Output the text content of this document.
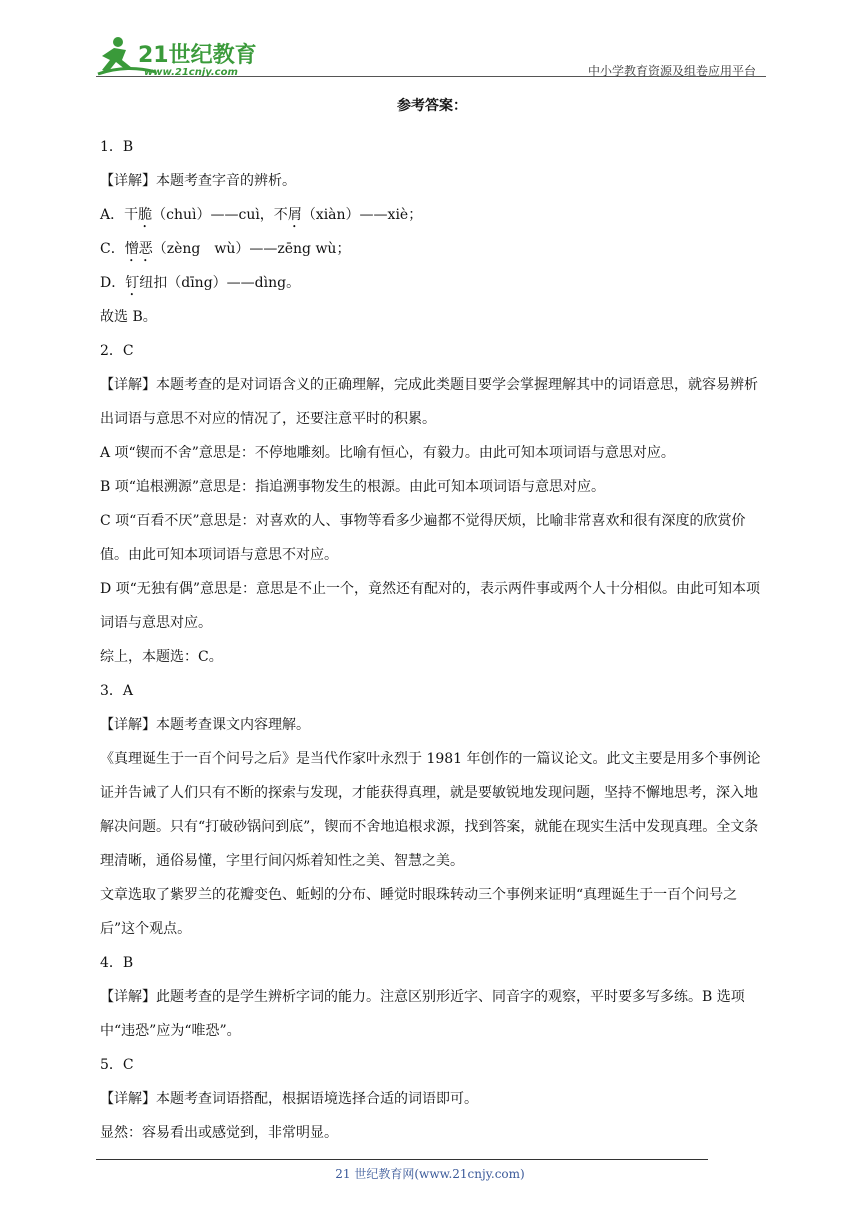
21世纪教育
www.21cnjy.com	中小学教育资源及组卷应用平台

参考答案：

1．B

【详解】本题考查字音的辨析。

A．干脆（chuì）——cuì，不屑（xiàn）——xiè；

C．憎恶（zèng　wù）——zēng wù；

D．钉纽扣（dīng）——dìng。

故选 B。

2．C

【详解】本题考查的是对词语含义的正确理解，完成此类题目要学会掌握理解其中的词语意思，就容易辨析出词语与意思不对应的情况了，还要注意平时的积累。

A 项“锲而不舍”意思是：不停地雕刻。比喻有恒心，有毅力。由此可知本项词语与意思对应。

B 项“追根溯源”意思是：指追溯事物发生的根源。由此可知本项词语与意思对应。

C 项“百看不厌”意思是：对喜欢的人、事物等看多少遍都不觉得厌烦，比喻非常喜欢和很有深度的欣赏价值。由此可知本项词语与意思不对应。

D 项“无独有偶”意思是：意思是不止一个，竟然还有配对的，表示两件事或两个人十分相似。由此可知本项词语与意思对应。

综上，本题选：C。

3．A

【详解】本题考查课文内容理解。

《真理诞生于一百个问号之后》是当代作家叶永烈于 1981 年创作的一篇议论文。此文主要是用多个事例论证并告诫了人们只有不断的探索与发现，才能获得真理，就是要敏锐地发现问题，坚持不懈地思考，深入地解决问题。只有“打破砂锅问到底”，锲而不舍地追根求源，找到答案，就能在现实生活中发现真理。全文条理清晰，通俗易懂，字里行间闪烁着知性之美、智慧之美。

文章选取了紫罗兰的花瓣变色、蚯蚓的分布、睡觉时眼珠转动三个事例来证明“真理诞生于一百个问号之后”这个观点。

4．B

【详解】此题考查的是学生辨析字词的能力。注意区别形近字、同音字的观察，平时要多写多练。B 选项中“违恐”应为“唯恐”。

5．C

【详解】本题考查词语搭配，根据语境选择合适的词语即可。

显然：容易看出或感觉到，非常明显。

21 世纪教育网(www.21cnjy.com)
